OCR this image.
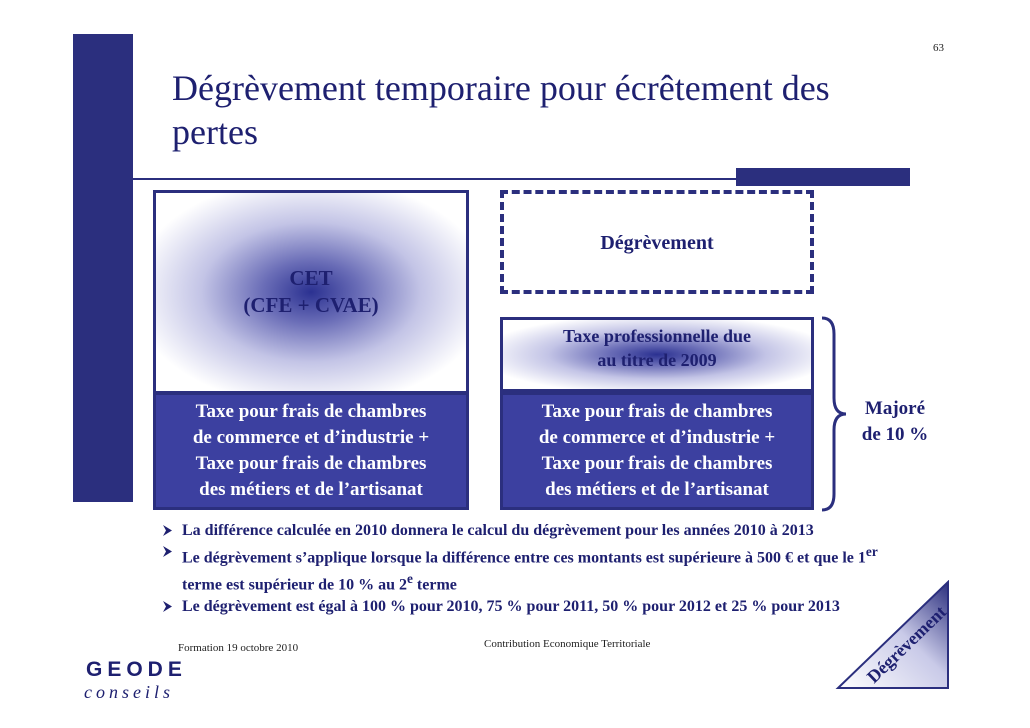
63
Dégrèvement temporaire pour écrêtement des pertes
CET
(CFE + CVAE)
Taxe pour frais de chambres
de commerce et d’industrie +
Taxe pour frais de chambres
des métiers et de l’artisanat
Dégrèvement
Taxe professionnelle due
au titre de 2009
Taxe pour frais de chambres
de commerce et d’industrie +
Taxe pour frais de chambres
des métiers et de l’artisanat
Majoré
de 10 %
La différence calculée en 2010 donnera le calcul du dégrèvement pour les années 2010 à 2013
Le dégrèvement s’applique lorsque la différence entre ces montants est supérieure à 500 € et que le 1er terme est supérieur de 10 % au 2e terme
Le dégrèvement est égal à 100 % pour 2010, 75 % pour 2011, 50 % pour 2012 et 25 % pour 2013
Formation 19 octobre 2010	Contribution Economique Territoriale
GEODE
conseils
Dégrèvement
